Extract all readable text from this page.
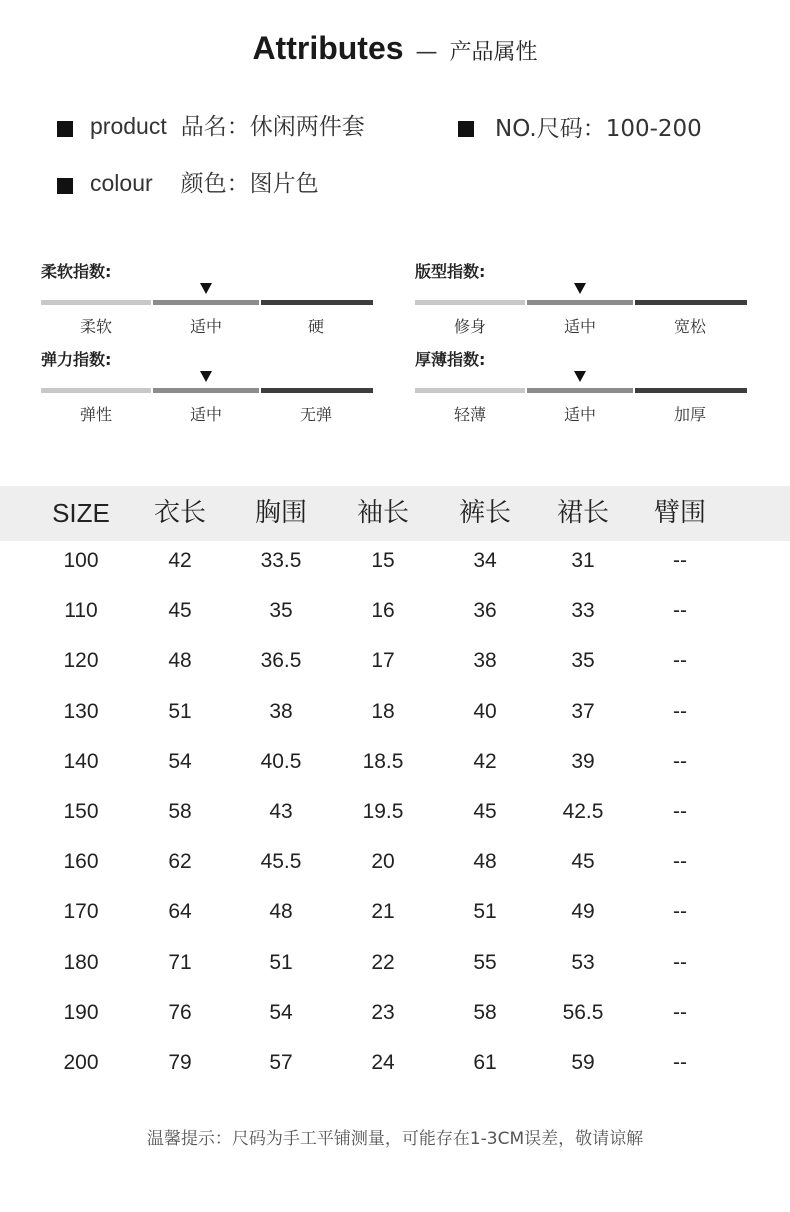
Attributes — 产品属性
product 品名：休闲两件套	NO.尺码：100-200
colour 颜色：图片色
柔软指数:
柔软	适中	硬
版型指数:
修身	适中	宽松
弹力指数:
弹性	适中	无弹
厚薄指数:
轻薄	适中	加厚
SIZE	衣长	胸围	袖长	裤长	裙长	臂围
100	42	33.5	15	34	31	--
110	45	35	16	36	33	--
120	48	36.5	17	38	35	--
130	51	38	18	40	37	--
140	54	40.5	18.5	42	39	--
150	58	43	19.5	45	42.5	--
160	62	45.5	20	48	45	--
170	64	48	21	51	49	--
180	71	51	22	55	53	--
190	76	54	23	58	56.5	--
200	79	57	24	61	59	--
温馨提示：尺码为手工平铺测量，可能存在1-3CM误差，敬请谅解
